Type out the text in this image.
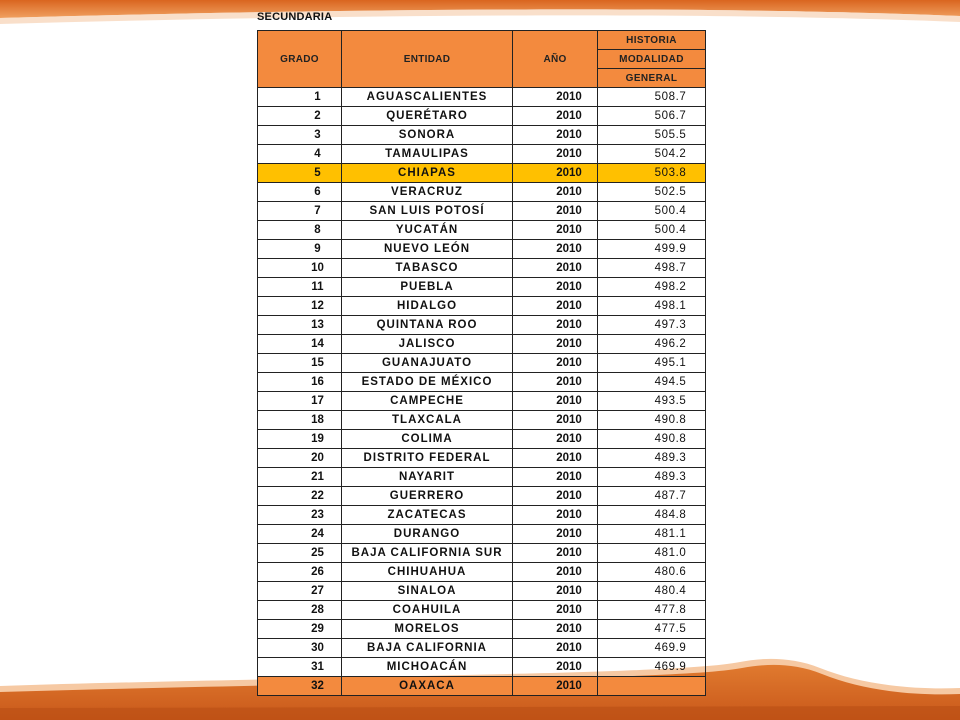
SECUNDARIA
GRADO	ENTIDAD	AÑO	HISTORIA
			MODALIDAD
			GENERAL
1	AGUASCALIENTES	2010	508.7
2	QUERÉTARO	2010	506.7
3	SONORA	2010	505.5
4	TAMAULIPAS	2010	504.2
5	CHIAPAS	2010	503.8
6	VERACRUZ	2010	502.5
7	SAN LUIS POTOSÍ	2010	500.4
8	YUCATÁN	2010	500.4
9	NUEVO LEÓN	2010	499.9
10	TABASCO	2010	498.7
11	PUEBLA	2010	498.2
12	HIDALGO	2010	498.1
13	QUINTANA ROO	2010	497.3
14	JALISCO	2010	496.2
15	GUANAJUATO	2010	495.1
16	ESTADO DE MÉXICO	2010	494.5
17	CAMPECHE	2010	493.5
18	TLAXCALA	2010	490.8
19	COLIMA	2010	490.8
20	DISTRITO FEDERAL	2010	489.3
21	NAYARIT	2010	489.3
22	GUERRERO	2010	487.7
23	ZACATECAS	2010	484.8
24	DURANGO	2010	481.1
25	BAJA CALIFORNIA SUR	2010	481.0
26	CHIHUAHUA	2010	480.6
27	SINALOA	2010	480.4
28	COAHUILA	2010	477.8
29	MORELOS	2010	477.5
30	BAJA CALIFORNIA	2010	469.9
31	MICHOACÁN	2010	469.9
32	OAXACA	2010	
